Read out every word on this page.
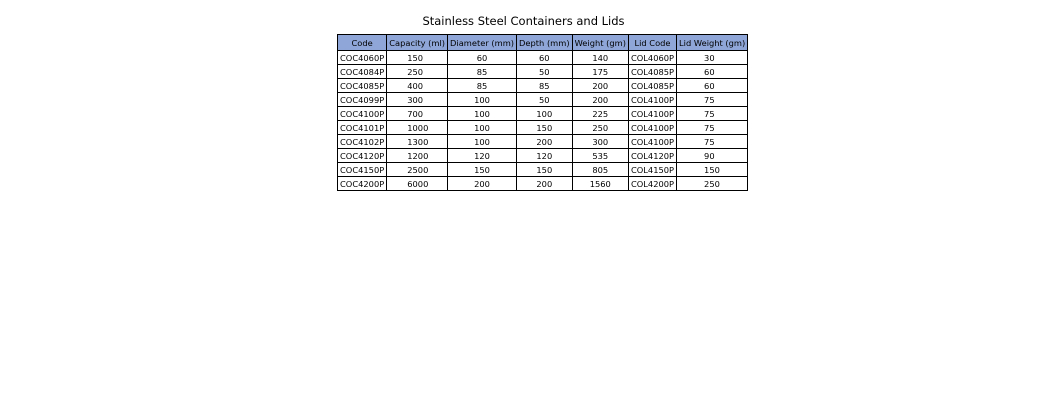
Stainless Steel Containers and Lids
Code	Capacity (ml)	Diameter (mm)	Depth (mm)	Weight (gm)	Lid Code	Lid Weight (gm)
COC4060P	150	60	60	140	COL4060P	30
COC4084P	250	85	50	175	COL4085P	60
COC4085P	400	85	85	200	COL4085P	60
COC4099P	300	100	50	200	COL4100P	75
COC4100P	700	100	100	225	COL4100P	75
COC4101P	1000	100	150	250	COL4100P	75
COC4102P	1300	100	200	300	COL4100P	75
COC4120P	1200	120	120	535	COL4120P	90
COC4150P	2500	150	150	805	COL4150P	150
COC4200P	6000	200	200	1560	COL4200P	250
